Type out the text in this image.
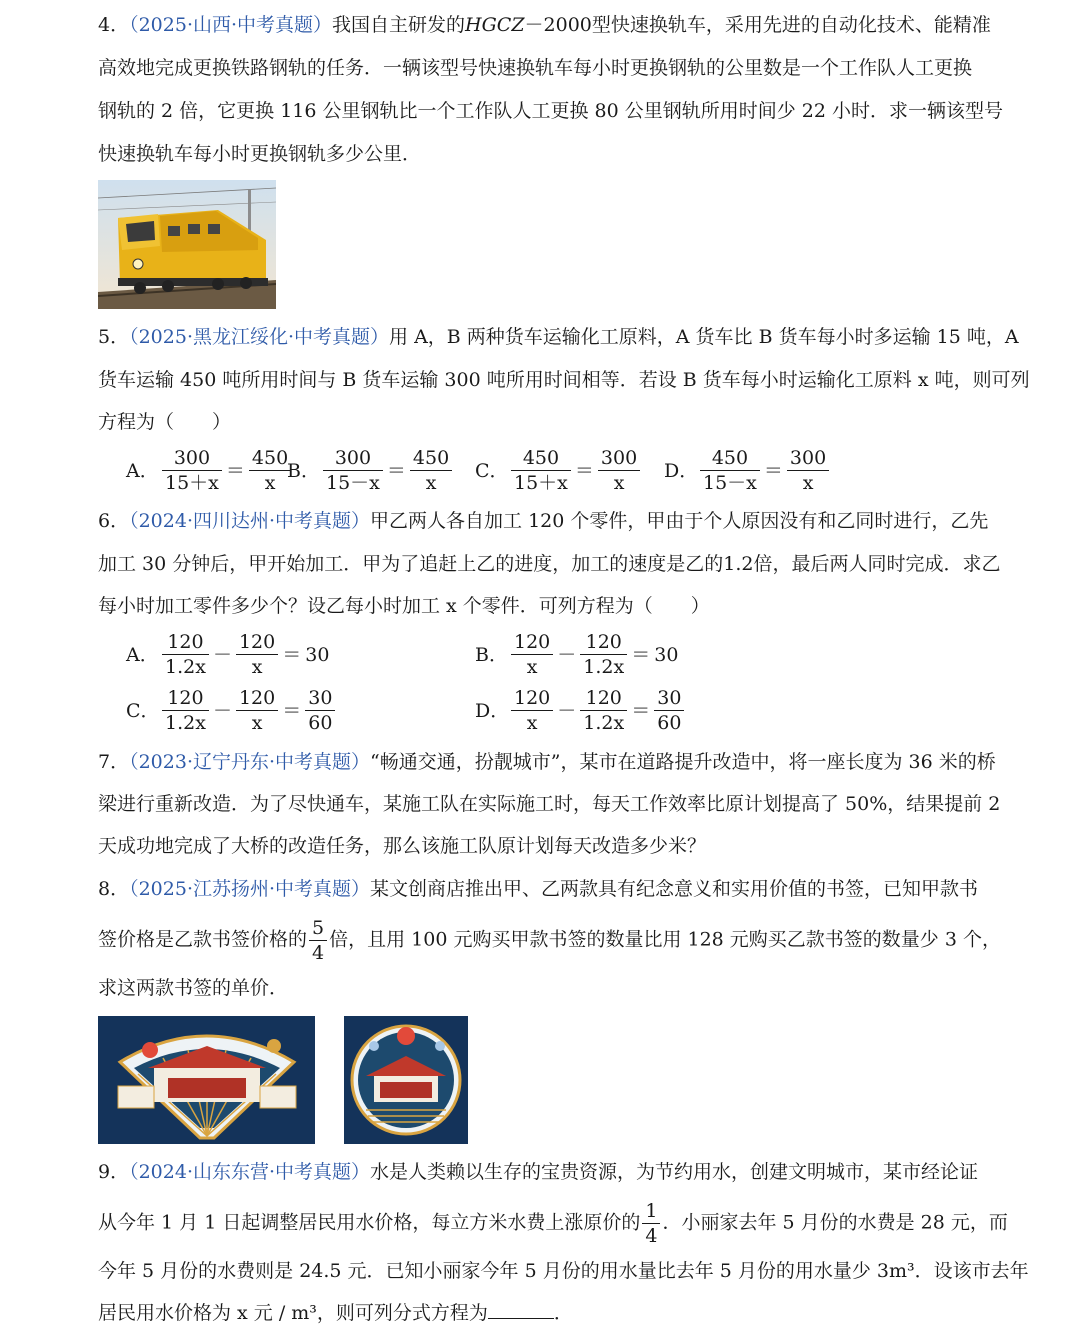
4．（2025·山西·中考真题）我国自主研发的HGCZ－2000型快速换轨车，采用先进的自动化技术、能精准
高效地完成更换铁路钢轨的任务．一辆该型号快速换轨车每小时更换钢轨的公里数是一个工作队人工更换
钢轨的 2 倍，它更换 116 公里钢轨比一个工作队人工更换 80 公里钢轨所用时间少 22 小时．求一辆该型号
快速换轨车每小时更换钢轨多少公里．
5．（2025·黑龙江绥化·中考真题）用 A，B 两种货车运输化工原料，A 货车比 B 货车每小时多运输 15 吨，A
货车运输 450 吨所用时间与 B 货车运输 300 吨所用时间相等．若设 B 货车每小时运输化工原料 x 吨，则可列
方程为（　　）
A． $\frac{300}{15+x} = \frac{450}{x}$
B． $\frac{300}{15-x} = \frac{450}{x}$ C． $\frac{450}{15+x} = \frac{300}{x}$ D． $\frac{450}{15-x} = \frac{300}{x}$
6．（2024·四川达州·中考真题）甲乙两人各自加工 120 个零件，甲由于个人原因没有和乙同时进行，乙先
加工 30 分钟后，甲开始加工．甲为了追赶上乙的进度，加工的速度是乙的1.2倍，最后两人同时完成．求乙
每小时加工零件多少个？设乙每小时加工 x 个零件．可列方程为（　　）
A． $\frac{120}{1.2x} - \frac{120}{x} = 30$	B． $\frac{120}{x} - \frac{120}{1.2x} = 30$
C． $\frac{120}{1.2x} - \frac{120}{x} = \frac{30}{60}$	D． $\frac{120}{x} - \frac{120}{1.2x} = \frac{30}{60}$
7．（2023·辽宁丹东·中考真题）“畅通交通，扮靓城市”，某市在道路提升改造中，将一座长度为 36 米的桥
梁进行重新改造．为了尽快通车，某施工队在实际施工时，每天工作效率比原计划提高了 50%，结果提前 2
天成功地完成了大桥的改造任务，那么该施工队原计划每天改造多少米？
8．（2025·江苏扬州·中考真题）某文创商店推出甲、乙两款具有纪念意义和实用价值的书签，已知甲款书
签价格是乙款书签价格的 $\frac{5}{4}$ 倍，且用 100 元购买甲款书签的数量比用 128 元购买乙款书签的数量少 3 个，
求这两款书签的单价．
9．（2024·山东东营·中考真题）水是人类赖以生存的宝贵资源，为节约用水，创建文明城市，某市经论证
从今年 1 月 1 日起调整居民用水价格，每立方米水费上涨原价的 $\frac{1}{4}$ ．小丽家去年 5 月份的水费是 28 元，而
今年 5 月份的水费则是 24.5 元．已知小丽家今年 5 月份的用水量比去年 5 月份的用水量少 3m³．设该市去年
居民用水价格为 x 元 / m³，则可列分式方程为	．
